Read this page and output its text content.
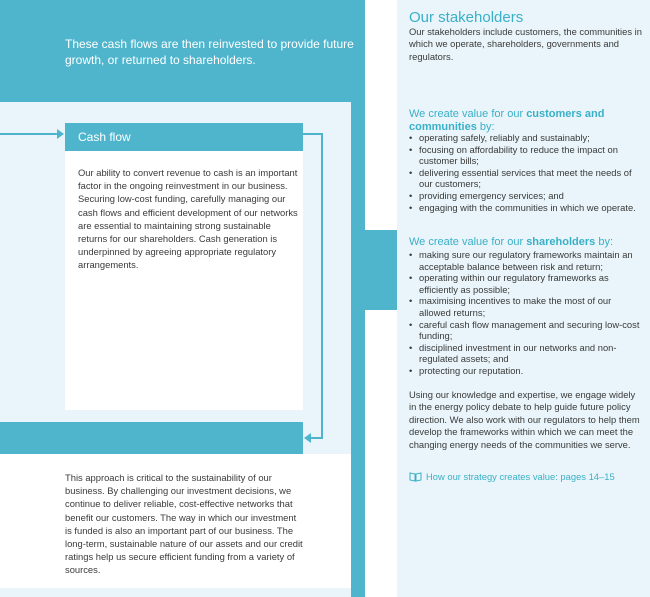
These cash flows are then reinvested to provide future growth, or returned to shareholders.
Cash flow
Our ability to convert revenue to cash is an important factor in the ongoing reinvestment in our business. Securing low-cost funding, carefully managing our cash flows and efficient development of our networks are essential to maintaining strong sustainable returns for our shareholders. Cash generation is underpinned by agreeing appropriate regulatory arrangements.
This approach is critical to the sustainability of our business. By challenging our investment decisions, we continue to deliver reliable, cost-effective networks that benefit our customers. The way in which our investment is funded is also an important part of our business. The long-term, sustainable nature of our assets and our credit ratings help us secure efficient funding from a variety of sources.
Our stakeholders
Our stakeholders include customers, the communities in which we operate, shareholders, governments and regulators.
We create value for our customers and communities by:
• operating safely, reliably and sustainably;
• focusing on affordability to reduce the impact on customer bills;
• delivering essential services that meet the needs of our customers;
• providing emergency services; and
• engaging with the communities in which we operate.
We create value for our shareholders by:
• making sure our regulatory frameworks maintain an acceptable balance between risk and return;
• operating within our regulatory frameworks as efficiently as possible;
• maximising incentives to make the most of our allowed returns;
• careful cash flow management and securing low-cost funding;
• disciplined investment in our networks and non-regulated assets; and
• protecting our reputation.
Using our knowledge and expertise, we engage widely in the energy policy debate to help guide future policy direction. We also work with our regulators to help them develop the frameworks within which we can meet the changing energy needs of the communities we serve.
How our strategy creates value: pages 14–15
